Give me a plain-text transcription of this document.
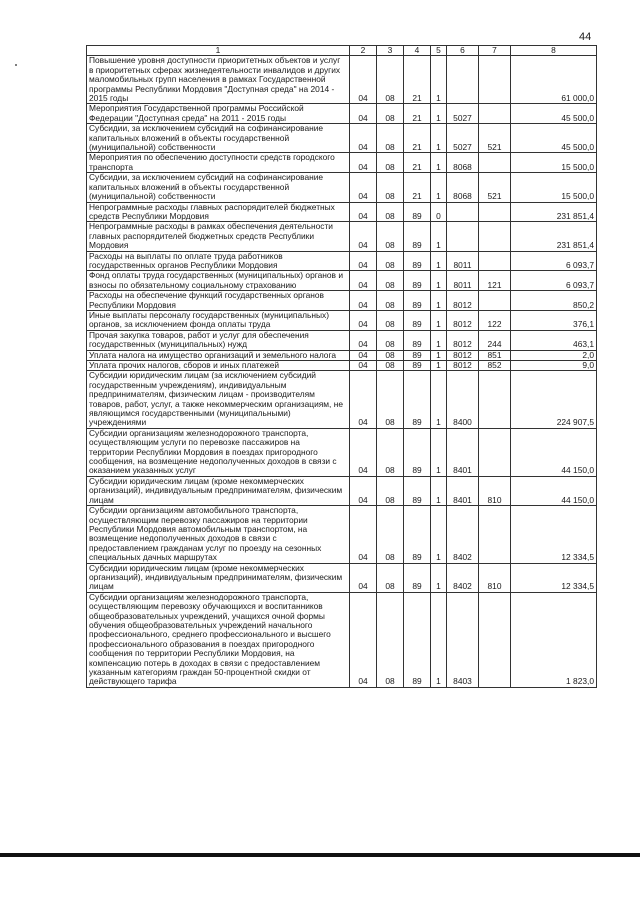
44
1	2	3	4	5	6	7	8
Повышение уровня доступности приоритетных объектов и услуг в приоритетных сферах жизнедеятельности инвалидов и других маломобильных групп населения в рамках Государственной программы Республики Мордовия "Доступная среда" на 2014 - 2015 годы	04	08	21	1			61 000,0
Мероприятия Государственной программы Российской Федерации "Доступная среда" на 2011 - 2015 годы	04	08	21	1	5027		45 500,0
Субсидии, за исключением субсидий на софинансирование капитальных вложений в объекты государственной (муниципальной) собственности	04	08	21	1	5027	521	45 500,0
Мероприятия по обеспечению доступности средств городского транспорта	04	08	21	1	8068		15 500,0
Субсидии, за исключением субсидий на софинансирование капитальных вложений в объекты государственной (муниципальной) собственности	04	08	21	1	8068	521	15 500,0
Непрограммные расходы главных распорядителей бюджетных средств Республики Мордовия	04	08	89	0			231 851,4
Непрограммные расходы в рамках обеспечения деятельности главных распорядителей бюджетных средств Республики Мордовия	04	08	89	1			231 851,4
Расходы на выплаты по оплате труда работников государственных органов Республики Мордовия	04	08	89	1	8011		6 093,7
Фонд оплаты труда государственных (муниципальных) органов и взносы по обязательному социальному страхованию	04	08	89	1	8011	121	6 093,7
Расходы на обеспечение функций государственных органов Республики Мордовия	04	08	89	1	8012		850,2
Иные выплаты персоналу государственных (муниципальных) органов, за исключением фонда оплаты труда	04	08	89	1	8012	122	376,1
Прочая закупка товаров, работ и услуг для обеспечения государственных (муниципальных) нужд	04	08	89	1	8012	244	463,1
Уплата налога на имущество организаций и земельного налога	04	08	89	1	8012	851	2,0
Уплата прочих налогов, сборов и иных платежей	04	08	89	1	8012	852	9,0
Субсидии юридическим лицам (за исключением субсидий государственным учреждениям), индивидуальным предпринимателям, физическим лицам - производителям товаров, работ, услуг, а также некоммерческим организациям, не являющимся государственными (муниципальными) учреждениями	04	08	89	1	8400		224 907,5
Субсидии организациям железнодорожного транспорта, осуществляющим услуги по перевозке пассажиров на территории Республики Мордовия в поездах пригородного сообщения, на возмещение недополученных доходов в связи с оказанием указанных услуг	04	08	89	1	8401		44 150,0
Субсидии юридическим лицам (кроме некоммерческих организаций), индивидуальным предпринимателям, физическим лицам	04	08	89	1	8401	810	44 150,0
Субсидии организациям автомобильного транспорта, осуществляющим перевозку пассажиров на территории Республики Мордовия автомобильным транспортом, на возмещение недополученных доходов в связи с предоставлением гражданам услуг по проезду на сезонных специальных дачных маршрутах	04	08	89	1	8402		12 334,5
Субсидии юридическим лицам (кроме некоммерческих организаций), индивидуальным предпринимателям, физическим лицам	04	08	89	1	8402	810	12 334,5
Субсидии организациям железнодорожного транспорта, осуществляющим перевозку обучающихся и воспитанников общеобразовательных учреждений, учащихся очной формы обучения общеобразовательных учреждений начального профессионального, среднего профессионального и высшего профессионального образования в поездах пригородного сообщения по территории Республики Мордовия, на компенсацию потерь в доходах в связи с предоставлением указанным категориям граждан 50-процентной скидки от действующего тарифа	04	08	89	1	8403		1 823,0
